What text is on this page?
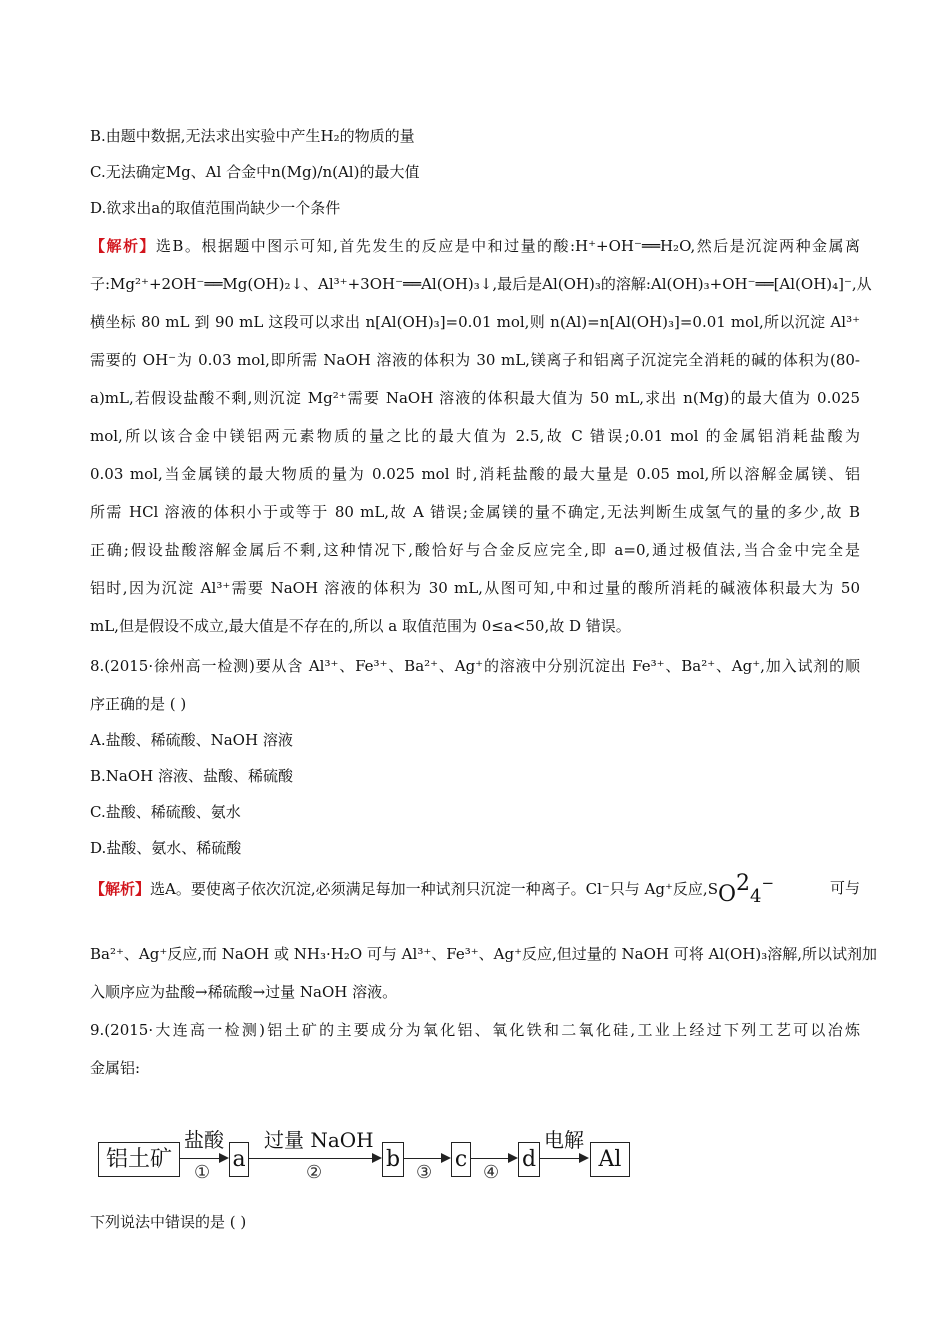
B.由题中数据,无法求出实验中产生H₂的物质的量
C.无法确定Mg、Al 合金中n(Mg)/n(Al)的最大值
D.欲求出a的取值范围尚缺少一个条件
【解析】选B。根据题中图示可知,首先发生的反应是中和过量的酸:H⁺+OH⁻══H₂O,然后是沉淀两种金属离
子:Mg²⁺+2OH⁻══Mg(OH)₂↓、Al³⁺+3OH⁻══Al(OH)₃↓,最后是Al(OH)₃的溶解:Al(OH)₃+OH⁻══[Al(OH)₄]⁻,从
横坐标 80 mL 到 90 mL 这段可以求出 n[Al(OH)₃]=0.01 mol,则 n(Al)=n[Al(OH)₃]=0.01 mol,所以沉淀 Al³⁺
需要的 OH⁻为 0.03 mol,即所需 NaOH 溶液的体积为 30 mL,镁离子和铝离子沉淀完全消耗的碱的体积为(80-
a)mL,若假设盐酸不剩,则沉淀 Mg²⁺需要 NaOH 溶液的体积最大值为 50 mL,求出 n(Mg)的最大值为 0.025
mol,所以该合金中镁铝两元素物质的量之比的最大值为 2.5,故 C 错误;0.01 mol 的金属铝消耗盐酸为
0.03 mol,当金属镁的最大物质的量为 0.025 mol 时,消耗盐酸的最大量是 0.05 mol,所以溶解金属镁、铝
所需 HCl 溶液的体积小于或等于 80 mL,故 A 错误;金属镁的量不确定,无法判断生成氢气的量的多少,故 B
正确;假设盐酸溶解金属后不剩,这种情况下,酸恰好与合金反应完全,即 a=0,通过极值法,当合金中完全是
铝时,因为沉淀 Al³⁺需要 NaOH 溶液的体积为 30 mL,从图可知,中和过量的酸所消耗的碱液体积最大为 50
mL,但是假设不成立,最大值是不存在的,所以 a 取值范围为 0≤a<50,故 D 错误。
8.(2015·徐州高一检测)要从含 Al³⁺、Fe³⁺、Ba²⁺、Ag⁺的溶液中分别沉淀出 Fe³⁺、Ba²⁺、Ag⁺,加入试剂的顺
序正确的是 ( )
A.盐酸、稀硫酸、NaOH 溶液
B.NaOH 溶液、盐酸、稀硫酸
C.盐酸、稀硫酸、氨水
D.盐酸、氨水、稀硫酸
【解析】选A。要使离子依次沉淀,必须满足每加一种试剂只沉淀一种离子。Cl⁻只与 Ag⁺反应,SO24−	可与
Ba²⁺、Ag⁺反应,而 NaOH 或 NH₃·H₂O 可与 Al³⁺、Fe³⁺、Ag⁺反应,但过量的 NaOH 可将 Al(OH)₃溶解,所以试剂加
入顺序应为盐酸→稀硫酸→过量 NaOH 溶液。
9.(2015·大连高一检测)铝土矿的主要成分为氧化铝、氧化铁和二氧化硅,工业上经过下列工艺可以冶炼
金属铝:
铝土矿
盐酸
①
a
过量 NaOH
②
b
③
c
④
d
电解
Al
下列说法中错误的是 ( )
